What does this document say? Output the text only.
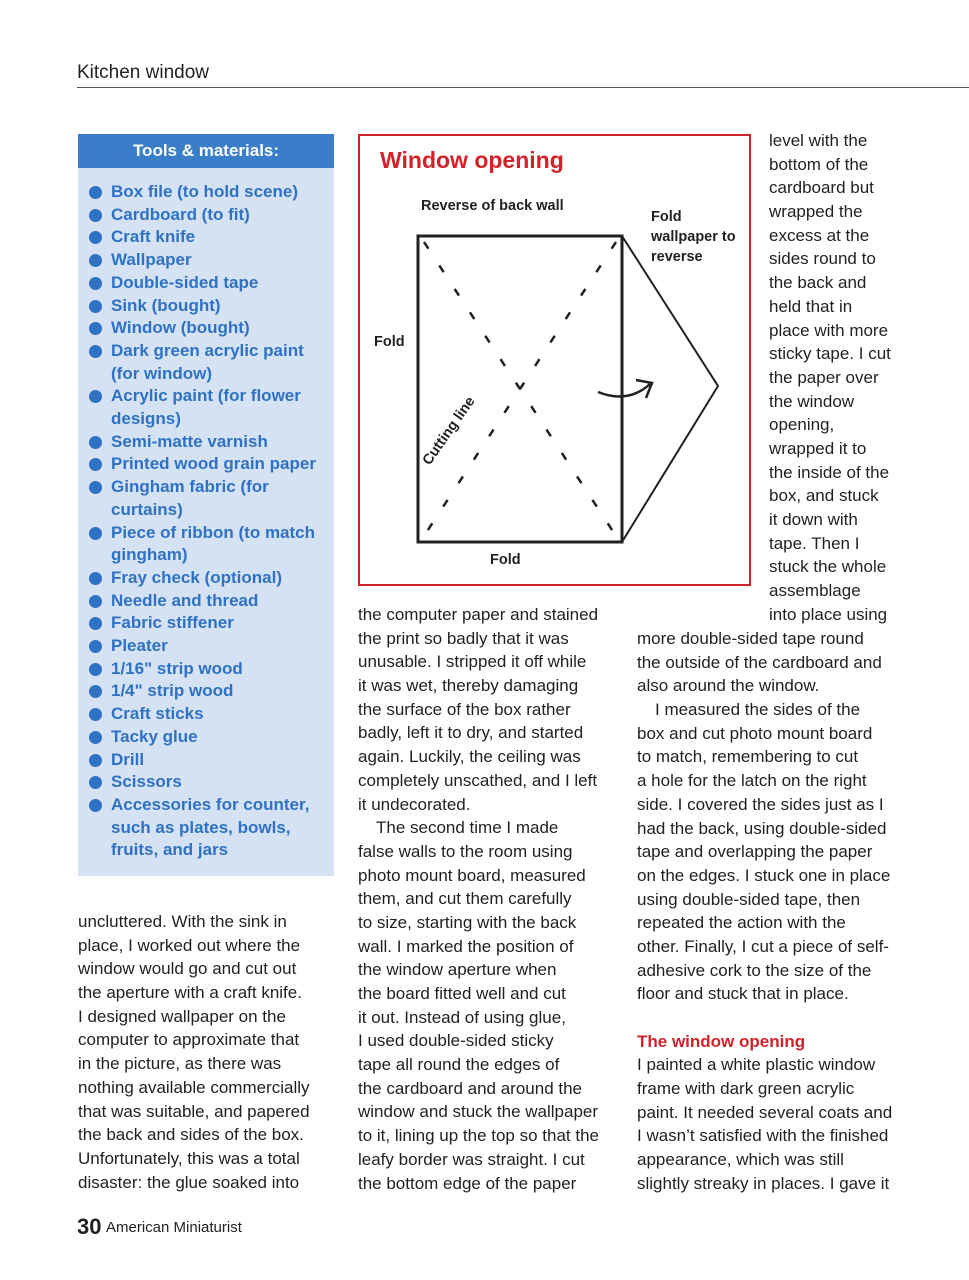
Kitchen window
Tools & materials:
Box file (to hold scene)
Cardboard (to fit)
Craft knife
Wallpaper
Double-sided tape
Sink (bought)
Window (bought)
Dark green acrylic paint
(for window)
Acrylic paint (for flower
designs)
Semi-matte varnish
Printed wood grain paper
Gingham fabric (for
curtains)
Piece of ribbon (to match
gingham)
Fray check (optional)
Needle and thread
Fabric stiffener
Pleater
1/16" strip wood
1/4" strip wood
Craft sticks
Tacky glue
Drill
Scissors
Accessories for counter,
such as plates, bowls,
fruits, and jars
Window opening
Reverse of back wall
Fold
wallpaper to
reverse
Fold
Fold
Cutting line
uncluttered. With the sink in
place, I worked out where the
window would go and cut out
the aperture with a craft knife.
I designed wallpaper on the
computer to approximate that
in the picture, as there was
nothing available commercially
that was suitable, and papered
the back and sides of the box.
Unfortunately, this was a total
disaster: the glue soaked into
the computer paper and stained
the print so badly that it was
unusable. I stripped it off while
it was wet, thereby damaging
the surface of the box rather
badly, left it to dry, and started
again. Luckily, the ceiling was
completely unscathed, and I left
it undecorated.
The second time I made
false walls to the room using
photo mount board, measured
them, and cut them carefully
to size, starting with the back
wall. I marked the position of
the window aperture when
the board fitted well and cut
it out. Instead of using glue,
I used double-sided sticky
tape all round the edges of
the cardboard and around the
window and stuck the wallpaper
to it, lining up the top so that the
leafy border was straight. I cut
the bottom edge of the paper
level with the
bottom of the
cardboard but
wrapped the
excess at the
sides round to
the back and
held that in
place with more
sticky tape. I cut
the paper over
the window
opening,
wrapped it to
the inside of the
box, and stuck
it down with
tape. Then I
stuck the whole
assemblage
into place using
more double-sided tape round
the outside of the cardboard and
also around the window.
I measured the sides of the
box and cut photo mount board
to match, remembering to cut
a hole for the latch on the right
side. I covered the sides just as I
had the back, using double-sided
tape and overlapping the paper
on the edges. I stuck one in place
using double-sided tape, then
repeated the action with the
other. Finally, I cut a piece of self-
adhesive cork to the size of the
floor and stuck that in place.
The window opening
I painted a white plastic window
frame with dark green acrylic
paint. It needed several coats and
I wasn’t satisfied with the finished
appearance, which was still
slightly streaky in places. I gave it
30 American Miniaturist
